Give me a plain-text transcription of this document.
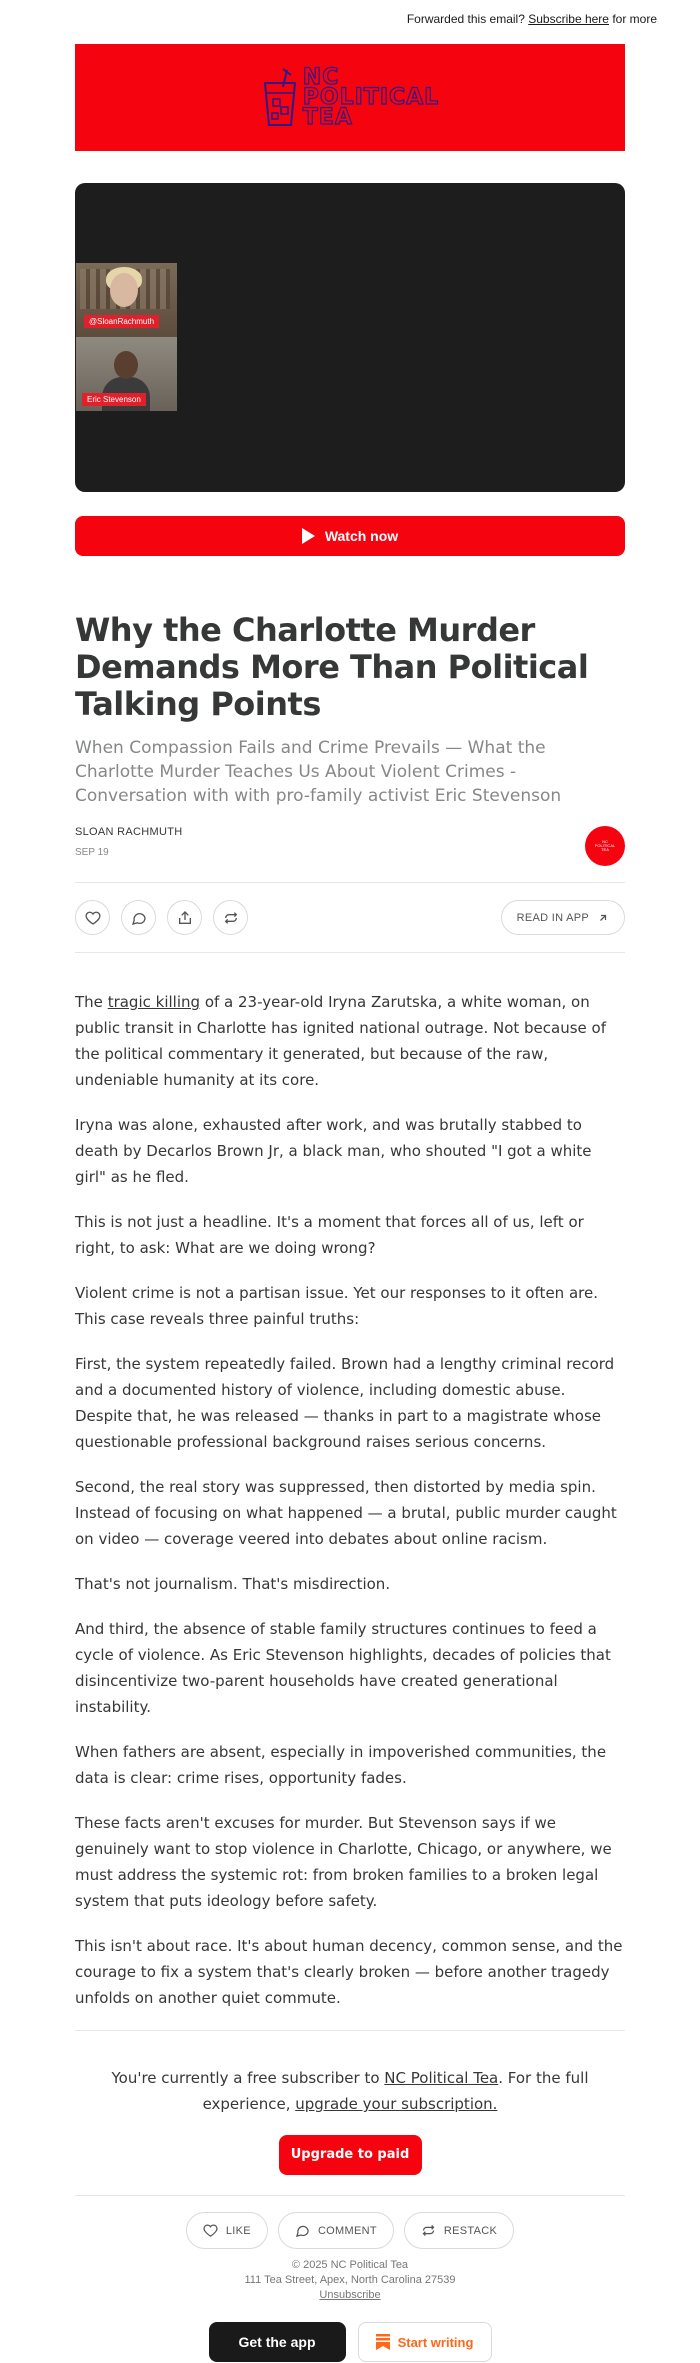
Forwarded this email? Subscribe here for more
NC
POLITICAL
TEA
@SloanRachmuth
Eric Stevenson
Watch now
Why the Charlotte Murder Demands More Than Political Talking Points
When Compassion Fails and Crime Prevails — What the Charlotte Murder Teaches Us About Violent Crimes - Conversation with with pro-family activist Eric Stevenson
SLOAN RACHMUTH
SEP 19
NC
POLITICAL
TEA
READ IN APP

The tragic killing of a 23-year-old Iryna Zarutska, a white woman, on public transit in Charlotte has ignited national outrage. Not because of the political commentary it generated, but because of the raw, undeniable humanity at its core.

Iryna was alone, exhausted after work, and was brutally stabbed to death by Decarlos Brown Jr, a black man, who shouted "I got a white girl" as he fled.

This is not just a headline. It's a moment that forces all of us, left or right, to ask: What are we doing wrong?

Violent crime is not a partisan issue. Yet our responses to it often are. This case reveals three painful truths:

First, the system repeatedly failed. Brown had a lengthy criminal record and a documented history of violence, including domestic abuse. Despite that, he was released — thanks in part to a magistrate whose questionable professional background raises serious concerns.

Second, the real story was suppressed, then distorted by media spin. Instead of focusing on what happened — a brutal, public murder caught on video — coverage veered into debates about online racism.

That's not journalism. That's misdirection.

And third, the absence of stable family structures continues to feed a cycle of violence. As Eric Stevenson highlights, decades of policies that disincentivize two-parent households have created generational instability.

When fathers are absent, especially in impoverished communities, the data is clear: crime rises, opportunity fades.

These facts aren't excuses for murder. But Stevenson says if we genuinely want to stop violence in Charlotte, Chicago, or anywhere, we must address the systemic rot: from broken families to a broken legal system that puts ideology before safety.

This isn't about race. It's about human decency, common sense, and the courage to fix a system that's clearly broken — before another tragedy unfolds on another quiet commute.

You're currently a free subscriber to NC Political Tea. For the full experience, upgrade your subscription.
Upgrade to paid
LIKE	COMMENT	RESTACK
© 2025 NC Political Tea
111 Tea Street, Apex, North Carolina 27539
Unsubscribe
Get the app	Start writing
